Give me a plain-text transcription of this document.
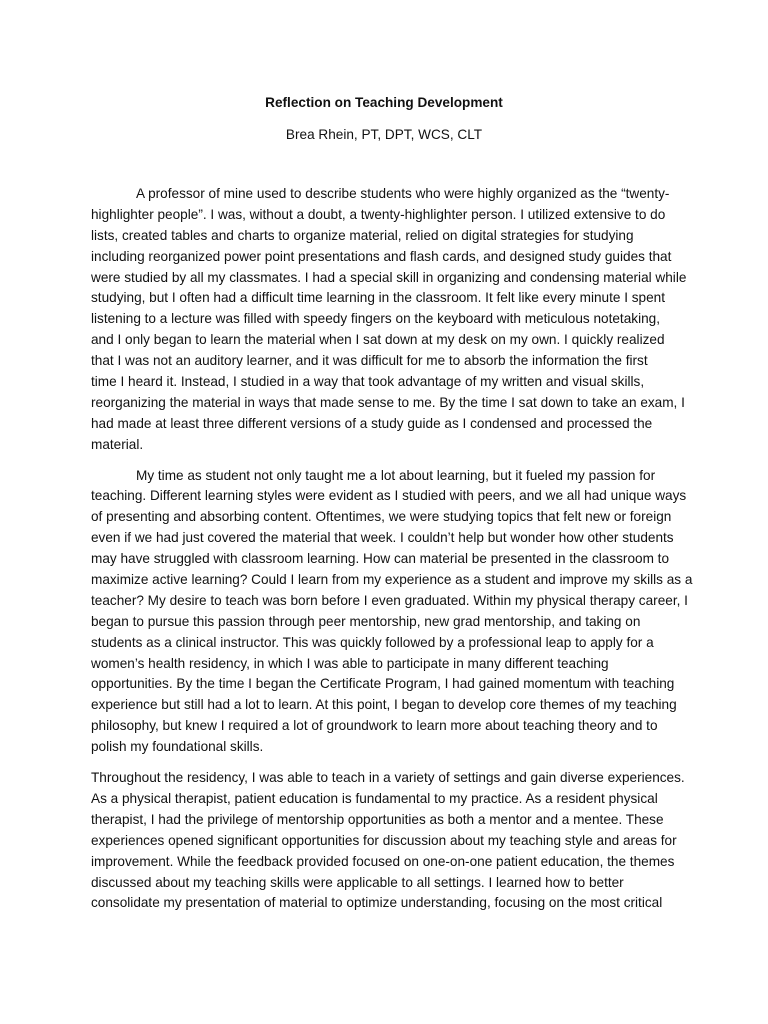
Reflection on Teaching Development

Brea Rhein, PT, DPT, WCS, CLT

A professor of mine used to describe students who were highly organized as the “twenty-
highlighter people”. I was, without a doubt, a twenty-highlighter person. I utilized extensive to do
lists, created tables and charts to organize material, relied on digital strategies for studying
including reorganized power point presentations and flash cards, and designed study guides that
were studied by all my classmates. I had a special skill in organizing and condensing material while
studying, but I often had a difficult time learning in the classroom. It felt like every minute I spent
listening to a lecture was filled with speedy fingers on the keyboard with meticulous notetaking,
and I only began to learn the material when I sat down at my desk on my own. I quickly realized
that I was not an auditory learner, and it was difficult for me to absorb the information the first
time I heard it. Instead, I studied in a way that took advantage of my written and visual skills,
reorganizing the material in ways that made sense to me. By the time I sat down to take an exam, I
had made at least three different versions of a study guide as I condensed and processed the
material.

My time as student not only taught me a lot about learning, but it fueled my passion for
teaching. Different learning styles were evident as I studied with peers, and we all had unique ways
of presenting and absorbing content. Oftentimes, we were studying topics that felt new or foreign
even if we had just covered the material that week. I couldn’t help but wonder how other students
may have struggled with classroom learning. How can material be presented in the classroom to
maximize active learning? Could I learn from my experience as a student and improve my skills as a
teacher? My desire to teach was born before I even graduated. Within my physical therapy career, I
began to pursue this passion through peer mentorship, new grad mentorship, and taking on
students as a clinical instructor. This was quickly followed by a professional leap to apply for a
women’s health residency, in which I was able to participate in many different teaching
opportunities. By the time I began the Certificate Program, I had gained momentum with teaching
experience but still had a lot to learn. At this point, I began to develop core themes of my teaching
philosophy, but knew I required a lot of groundwork to learn more about teaching theory and to
polish my foundational skills.

Throughout the residency, I was able to teach in a variety of settings and gain diverse experiences.
As a physical therapist, patient education is fundamental to my practice. As a resident physical
therapist, I had the privilege of mentorship opportunities as both a mentor and a mentee. These
experiences opened significant opportunities for discussion about my teaching style and areas for
improvement. While the feedback provided focused on one-on-one patient education, the themes
discussed about my teaching skills were applicable to all settings. I learned how to better
consolidate my presentation of material to optimize understanding, focusing on the most critical
